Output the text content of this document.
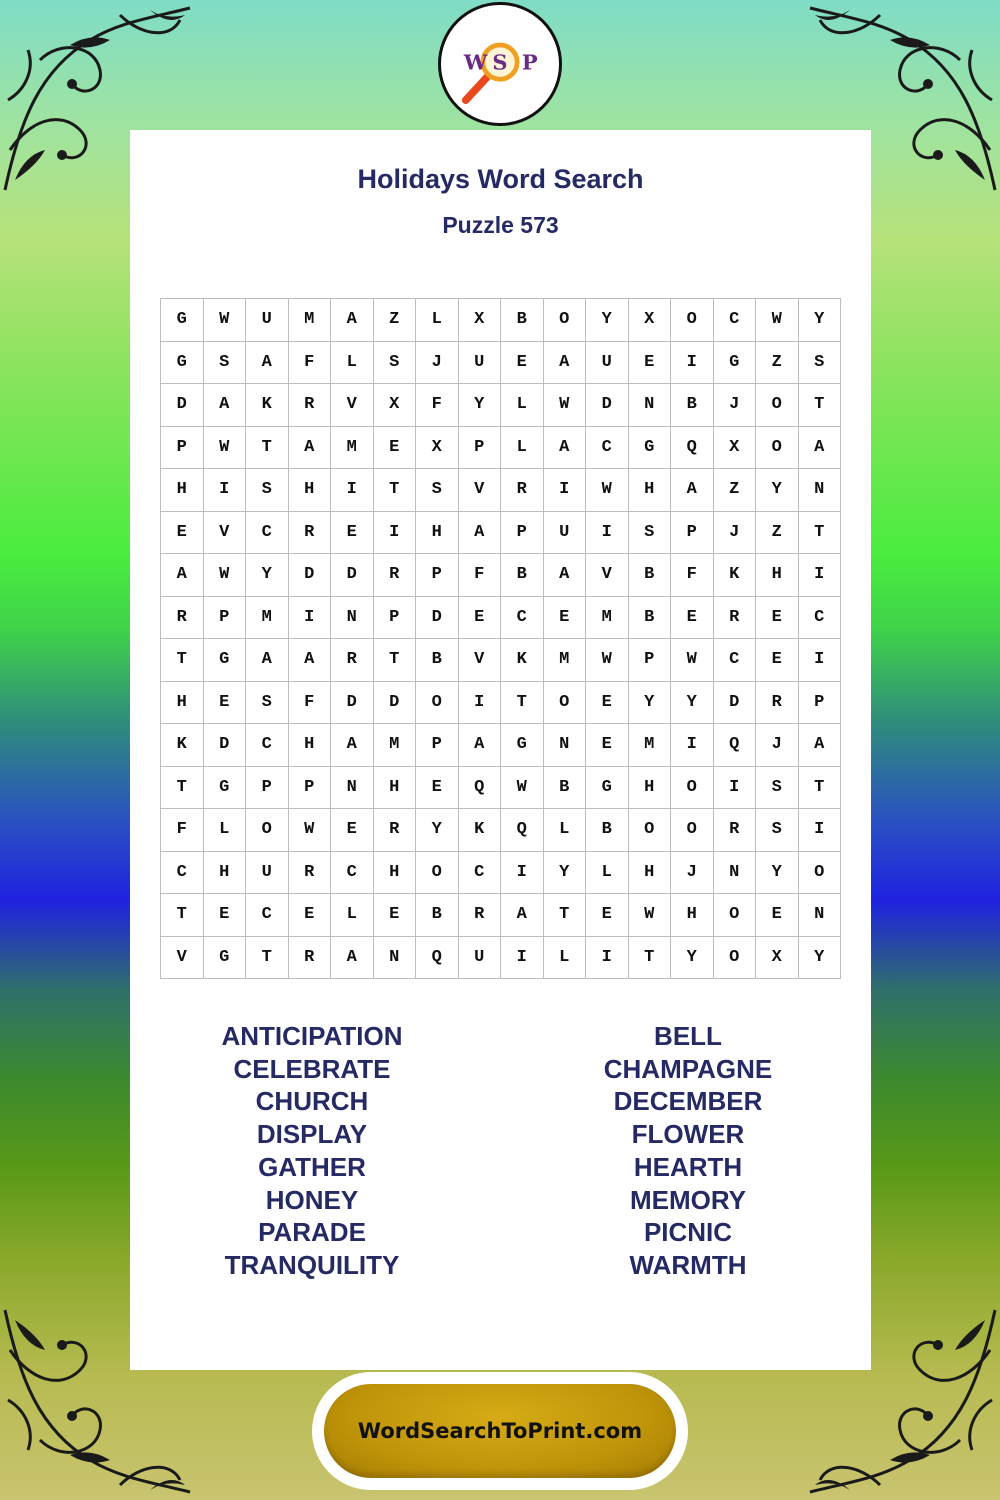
W S P
Holidays Word Search
Puzzle 573
G	W	U	M	A	Z	L	X	B	O	Y	X	O	C	W	Y
G	S	A	F	L	S	J	U	E	A	U	E	I	G	Z	S
D	A	K	R	V	X	F	Y	L	W	D	N	B	J	O	T
P	W	T	A	M	E	X	P	L	A	C	G	Q	X	O	A
H	I	S	H	I	T	S	V	R	I	W	H	A	Z	Y	N
E	V	C	R	E	I	H	A	P	U	I	S	P	J	Z	T
A	W	Y	D	D	R	P	F	B	A	V	B	F	K	H	I
R	P	M	I	N	P	D	E	C	E	M	B	E	R	E	C
T	G	A	A	R	T	B	V	K	M	W	P	W	C	E	I
H	E	S	F	D	D	O	I	T	O	E	Y	Y	D	R	P
K	D	C	H	A	M	P	A	G	N	E	M	I	Q	J	A
T	G	P	P	N	H	E	Q	W	B	G	H	O	I	S	T
F	L	O	W	E	R	Y	K	Q	L	B	O	O	R	S	I
C	H	U	R	C	H	O	C	I	Y	L	H	J	N	Y	O
T	E	C	E	L	E	B	R	A	T	E	W	H	O	E	N
V	G	T	R	A	N	Q	U	I	L	I	T	Y	O	X	Y
ANTICIPATION
CELEBRATE
CHURCH
DISPLAY
GATHER
HONEY
PARADE
TRANQUILITY
BELL
CHAMPAGNE
DECEMBER
FLOWER
HEARTH
MEMORY
PICNIC
WARMTH
WordSearchToPrint.com
